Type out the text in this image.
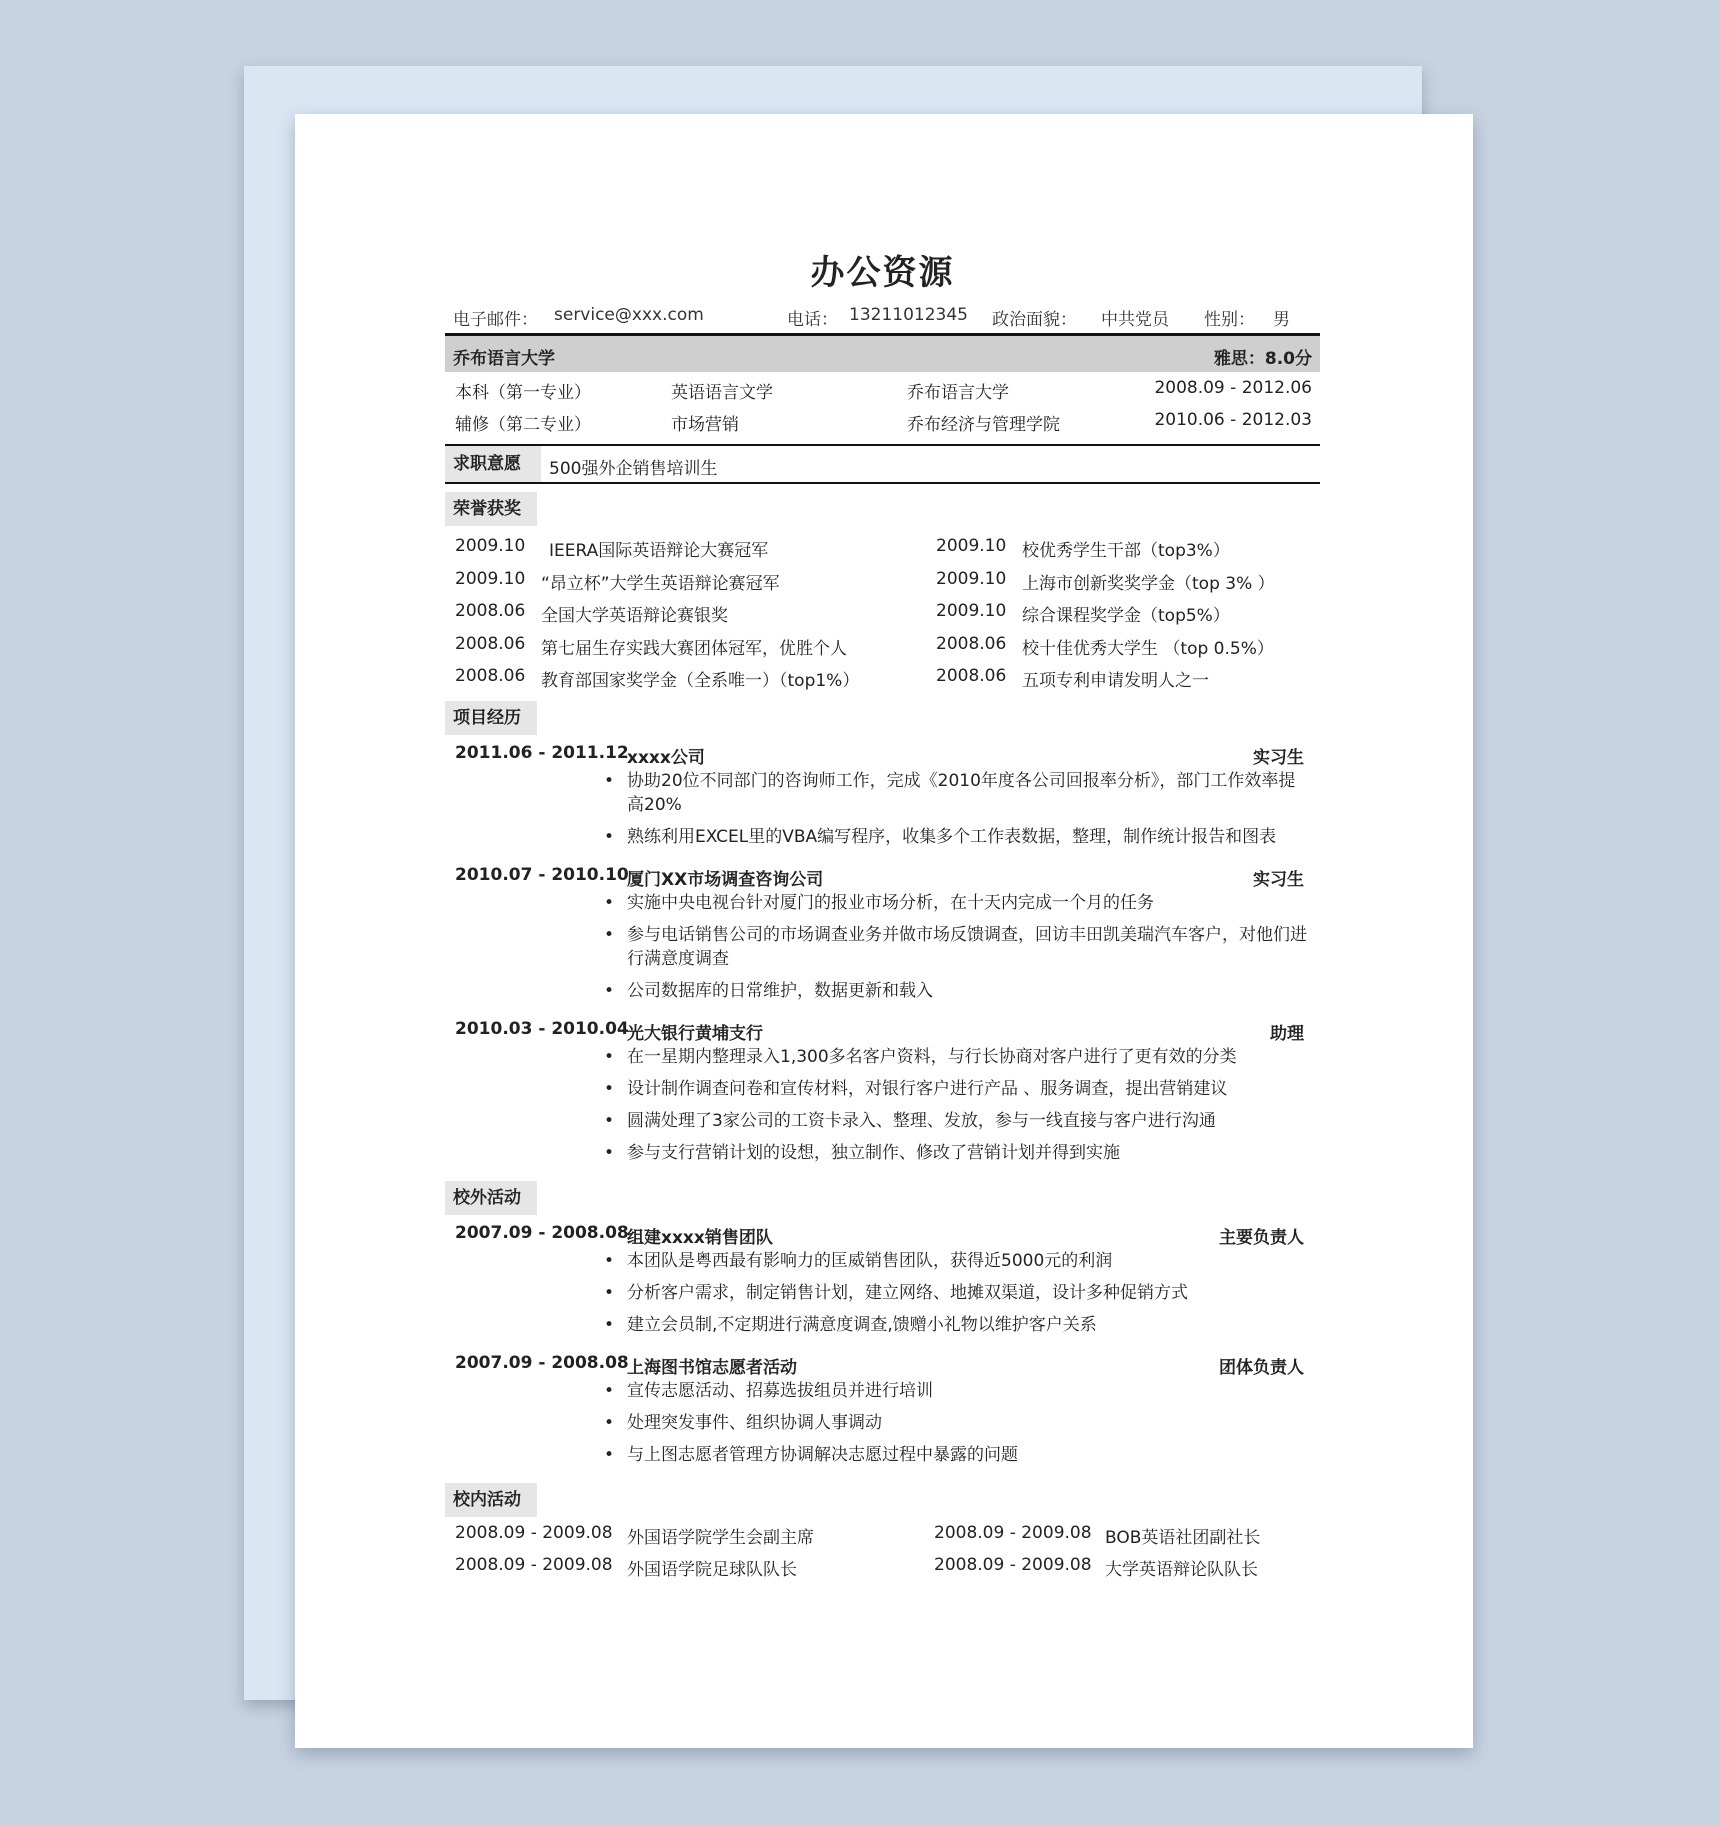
办公资源
电子邮件： service@xxx.com	电话： 13211012345 政治面貌： 中共党员 性别： 男
乔布语言大学	雅思：8.0分
本科（第一专业）	英语语言文学	乔布语言大学	2008.09 - 2012.06
辅修（第二专业）	市场营销	乔布经济与管理学院	2010.06 - 2012.03
求职意愿	500强外企销售培训生
荣誉获奖
2009.10 IEERA国际英语辩论大赛冠军	2009.10 校优秀学生干部（top3%）
2009.10 “昂立杯”大学生英语辩论赛冠军	2009.10 上海市创新奖奖学金（top 3% ）
2008.06 全国大学英语辩论赛银奖	2009.10 综合课程奖学金（top5%）
2008.06 第七届生存实践大赛团体冠军，优胜个人	2008.06 校十佳优秀大学生 （top 0.5%）
2008.06 教育部国家奖学金（全系唯一）（top1%）	2008.06 五项专利申请发明人之一
项目经历
2011.06 - 2011.12
xxxx公司	实习生
• 协助20位不同部门的咨询师工作，完成《2010年度各公司回报率分析》，部门工作效率提高20%
• 熟练利用EXCEL里的VBA编写程序，收集多个工作表数据，整理，制作统计报告和图表
2010.07 - 2010.10
厦门XX市场调查咨询公司	实习生
• 实施中央电视台针对厦门的报业市场分析，在十天内完成一个月的任务
• 参与电话销售公司的市场调查业务并做市场反馈调查，回访丰田凯美瑞汽车客户，对他们进行满意度调查
• 公司数据库的日常维护，数据更新和载入
2010.03 - 2010.04
光大银行黄埔支行	助理
• 在一星期内整理录入1,300多名客户资料，与行长协商对客户进行了更有效的分类
• 设计制作调查问卷和宣传材料，对银行客户进行产品 、服务调查，提出营销建议
• 圆满处理了3家公司的工资卡录入、整理、发放，参与一线直接与客户进行沟通
• 参与支行营销计划的设想，独立制作、修改了营销计划并得到实施
校外活动
2007.09 - 2008.08
组建xxxx销售团队	主要负责人
• 本团队是粤西最有影响力的匡威销售团队，获得近5000元的利润
• 分析客户需求，制定销售计划，建立网络、地摊双渠道，设计多种促销方式
• 建立会员制,不定期进行满意度调查,馈赠小礼物以维护客户关系
2007.09 - 2008.08
上海图书馆志愿者活动	团体负责人
• 宣传志愿活动、招募选拔组员并进行培训
• 处理突发事件、组织协调人事调动
• 与上图志愿者管理方协调解决志愿过程中暴露的问题
校内活动
2008.09 - 2009.08 外国语学院学生会副主席	2008.09 - 2009.08 BOB英语社团副社长
2008.09 - 2009.08 外国语学院足球队队长	2008.09 - 2009.08 大学英语辩论队队长
